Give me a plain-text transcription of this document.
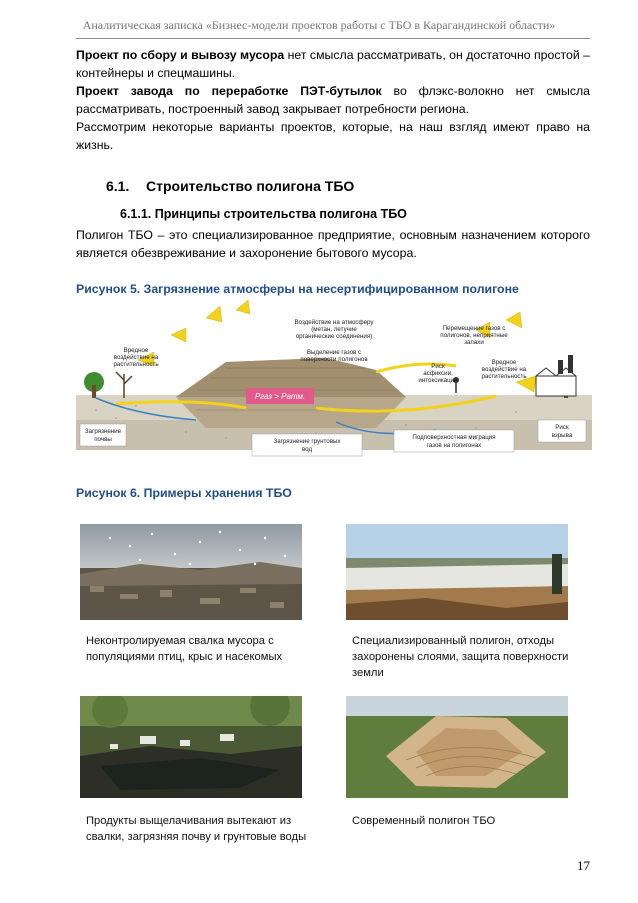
Аналитическая записка «Бизнес-модели проектов работы с ТБО в Карагандинской области»
Проект по сбору и вывозу мусора нет смысла рассматривать, он достаточно простой – контейнеры и спецмашины.
Проект завода по переработке ПЭТ-бутылок во флэкс-волокно нет смысла рассматривать, построенный завод закрывает потребности региона.
Рассмотрим некоторые варианты проектов, которые, на наш взгляд имеют право на жизнь.
6.1. Строительство полигона ТБО
6.1.1. Принципы строительства полигона ТБО
Полигон ТБО – это специализированное предприятие, основным назначением которого является обезвреживание и захоронение бытового мусора.
Рисунок 5. Загрязнение атмосферы на несертифицированном полигоне
Pгаз > Pатм.
Воздействие на атмосферу
(метан, летучие
органические соединения)
Выделение газов с
поверхности полигонов
Вредное
воздействие на
растительность
Перемещение газов с
полигонов, неприятные
запахи
Риск
асфиксии,
интоксикации
Вредное
воздействие на
растительность
Загрязнение
почвы	Загрязнение грунтовых
вод
Подповерхностная миграция
газов на полигонах
Риск
взрыва
Рисунок 6. Примеры хранения ТБО
Неконтролируемая свалка мусора с
популяциями птиц, крыс и насекомых
Специализированный полигон, отходы
захоронены слоями, защита поверхности
земли
Продукты выщелачивания вытекают из
свалки, загрязняя почву и грунтовые воды
Современный полигон ТБО
17
